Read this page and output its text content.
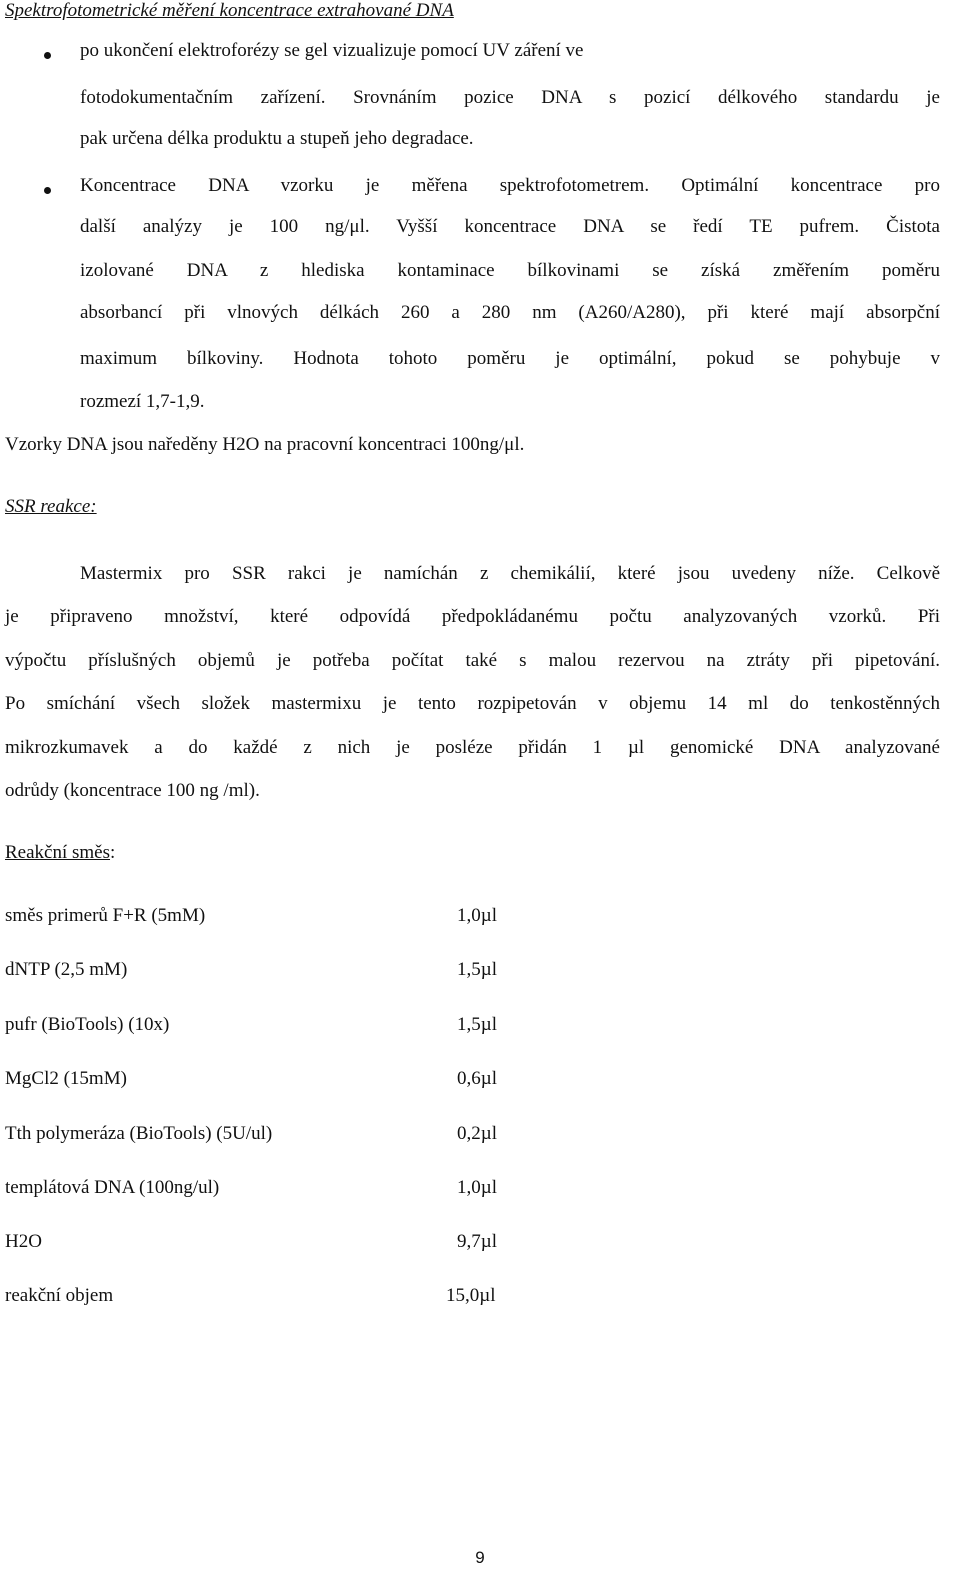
Spektrofotometrické měření koncentrace extrahované DNA
po ukončení elektroforézy se gel vizualizuje pomocí UV záření ve
fotodokumentačním zařízení. Srovnáním pozice DNA s pozicí délkového standardu je
pak určena délka produktu a stupeň jeho degradace.
Koncentrace DNA vzorku je měřena spektrofotometrem. Optimální koncentrace pro
další analýzy je 100 ng/μl. Vyšší koncentrace DNA se ředí TE pufrem. Čistota
izolované DNA z hlediska kontaminace bílkovinami se získá změřením poměru
absorbancí při vlnových délkách 260 a 280 nm (A260/A280), při které mají absorpční
maximum bílkoviny. Hodnota tohoto poměru je optimální, pokud se pohybuje v
rozmezí 1,7-1,9.
Vzorky DNA jsou naředěny H2O na pracovní koncentraci 100ng/μl.
SSR reakce:
Mastermix pro SSR rakci je namíchán z chemikálií, které jsou uvedeny níže. Celkově
je připraveno množství, které odpovídá předpokládanému počtu analyzovaných vzorků. Při
výpočtu příslušných objemů je potřeba počítat také s malou rezervou na ztráty při pipetování.
Po smíchání všech složek mastermixu je tento rozpipetován v objemu 14 ml do tenkostěnných
mikrozkumavek a do každé z nich je posléze přidán 1 µl genomické DNA analyzované
odrůdy (koncentrace 100 ng /ml).
Reakční směs:
směs primerů F+R (5mM)	1,0µl
dNTP (2,5 mM)	1,5µl
pufr (BioTools) (10x)	1,5µl
MgCl2 (15mM)	0,6µl
Tth polymeráza (BioTools) (5U/ul)	0,2µl
templátová DNA (100ng/ul)	1,0µl
H2O	9,7µl
reakční objem	15,0µl
9
